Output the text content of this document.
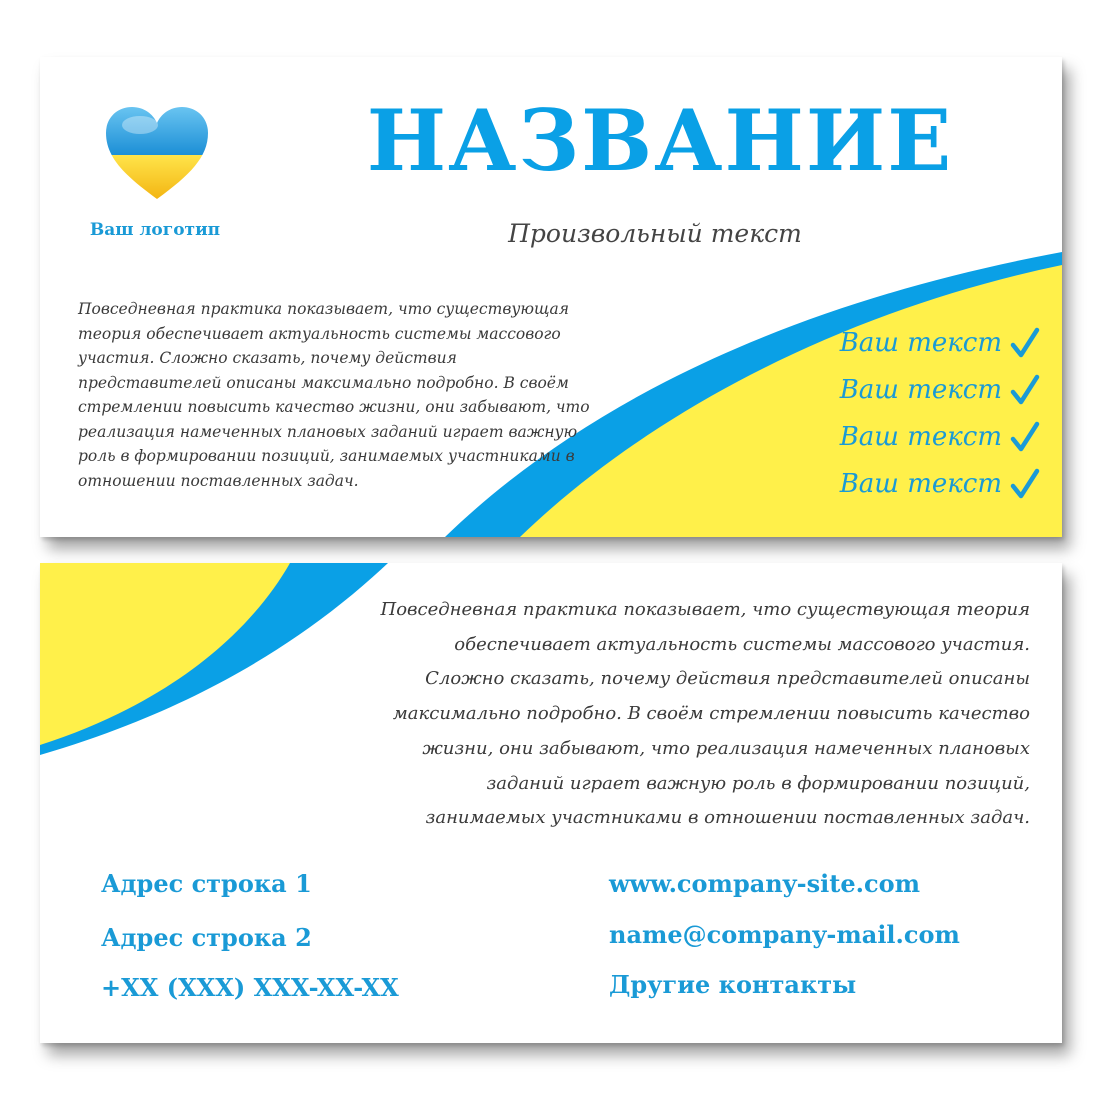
Ваш логотип
НАЗВАНИЕ
Произвольный текст
Повседневная практика показывает, что существующая теория обеспечивает актуальность системы массового участия. Сложно сказать, почему действия представителей описаны максимально подробно. В своём стремлении повысить качество жизни, они забывают, что реализация намеченных плановых заданий играет важную роль в формировании позиций, занимаемых участниками в отношении поставленных задач.
Ваш текст
Ваш текст
Ваш текст
Ваш текст
Повседневная практика показывает, что существующая теория обеспечивает актуальность системы массового участия. Сложно сказать, почему действия представителей описаны максимально подробно. В своём стремлении повысить качество жизни, они забывают, что реализация намеченных плановых заданий играет важную роль в формировании позиций, занимаемых участниками в отношении поставленных задач.
Адрес строка 1
Адрес строка 2
+XX (XXX) XXX-XX-XX
www.company-site.com
name@company-mail.com
Другие контакты
